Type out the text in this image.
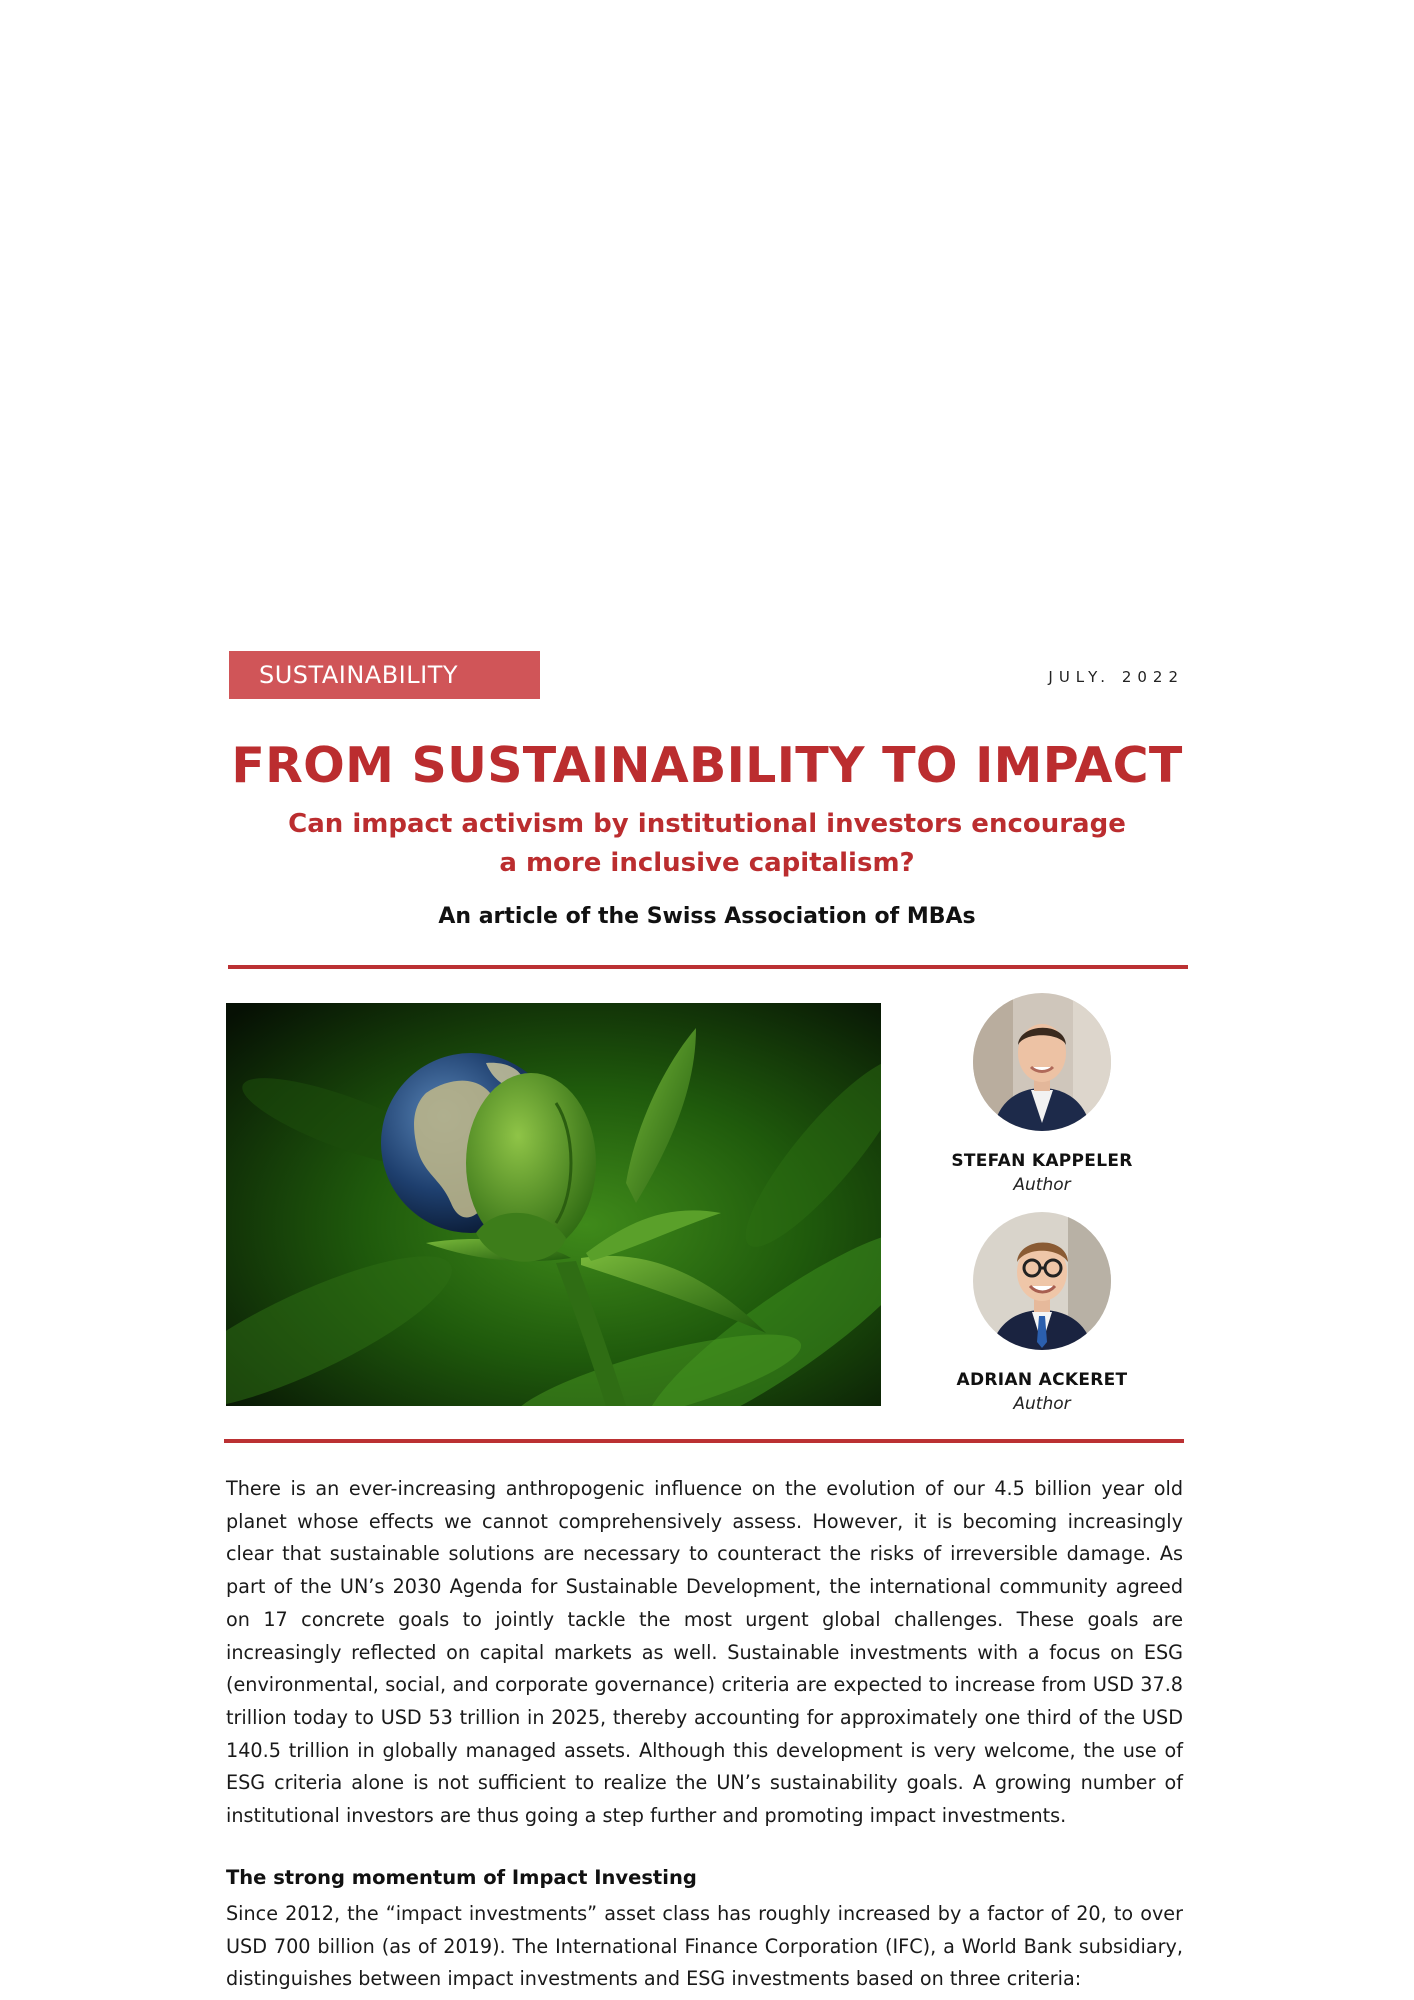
SUSTAINABILITY	JULY. 2022
FROM SUSTAINABILITY TO IMPACT
Can impact activism by institutional investors encourage a more inclusive capitalism?
An article of the Swiss Association of MBAs
STEFAN KAPPELER
Author
ADRIAN ACKERET
Author

There is an ever-increasing anthropogenic influence on the evolution of our 4.5 billion year old planet whose effects we cannot comprehensively assess. However, it is becoming increasingly clear that sustainable solutions are necessary to counteract the risks of irreversible damage. As part of the UN’s 2030 Agenda for Sustainable Development, the international community agreed on 17 concrete goals to jointly tackle the most urgent global challenges. These goals are increasingly reflected on capital markets as well. Sustainable investments with a focus on ESG (environmental, social, and corporate governance) criteria are expected to increase from USD 37.8 trillion today to USD 53 trillion in 2025, thereby accounting for approximately one third of the USD 140.5 trillion in globally managed assets. Although this development is very welcome, the use of ESG criteria alone is not sufficient to realize the UN’s sustainability goals. A growing number of institutional investors are thus going a step further and promoting impact investments.

The strong momentum of Impact Investing

Since 2012, the “impact investments” asset class has roughly increased by a factor of 20, to over USD 700 billion (as of 2019). The International Finance Corporation (IFC), a World Bank subsidiary, distinguishes between impact investments and ESG investments based on three criteria:
